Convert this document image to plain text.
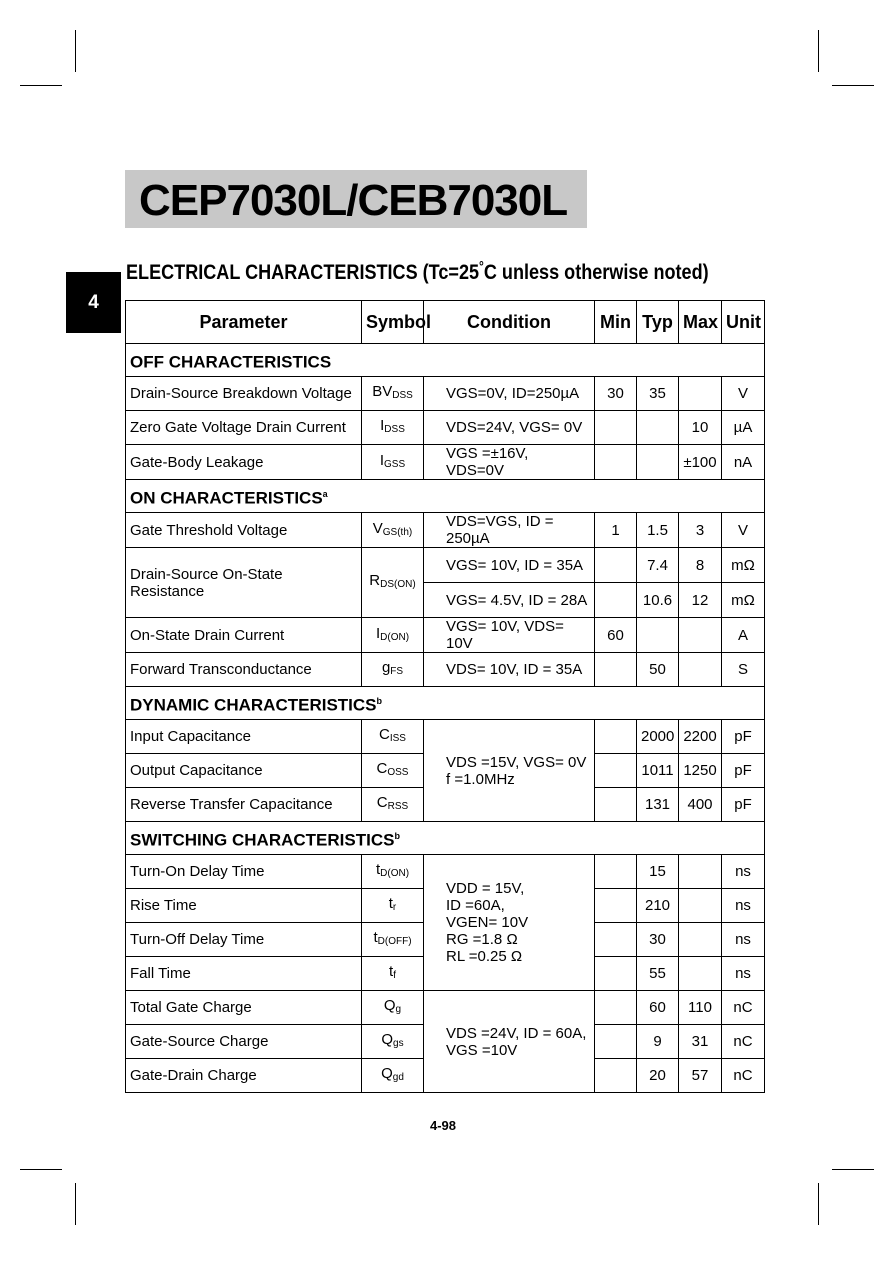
CEP7030L/CEB7030L
4
ELECTRICAL CHARACTERISTICS (Tc=25°C unless otherwise noted)
Parameter	Symbol	Condition	Min	Typ	Max	Unit
OFF CHARACTERISTICS						
Drain-Source Breakdown Voltage	$BV_{DSS}$	VGS=0V, ID=250µA	30	35		V
Zero Gate Voltage Drain Current	$I_{DSS}$	VDS=24V, VGS= 0V			10	µA
Gate-Body Leakage	$I_{GSS}$	VGS =±16V, VDS=0V			±100	nA
ON CHARACTERISTICS$^a$
Gate Threshold Voltage	$V_{GS(th)}$	VDS=VGS, ID = 250µA	1	1.5	3	V
Drain-Source On-State Resistance	$R_{DS(ON)}$	VGS= 10V, ID = 35A		7.4	8	mΩ
		VGS= 4.5V, ID = 28A		10.6	12	mΩ
On-State Drain Current	$I_{D(ON)}$	VGS= 10V, VDS= 10V	60			A
Forward Transconductance	$g_{FS}$	VDS= 10V, ID = 35A		50		S
DYNAMIC CHARACTERISTICS$^b$
Input Capacitance	$C_{ISS}$	VDS =15V, VGS= 0V
f =1.0MHz		2000	2200	pF
Output Capacitance	$C_{OSS}$			1011	1250	pF
Reverse Transfer Capacitance	$C_{RSS}$			131	400	pF
SWITCHING CHARACTERISTICS$^b$
Turn-On Delay Time	$t_{D(ON)}$	VDD = 15V,
ID =60A,
VGEN= 10V
RG =1.8 Ω
RL =0.25 Ω		15		ns
Rise Time	$t_r$			210		ns
Turn-Off Delay Time	$t_{D(OFF)}$			30		ns
Fall Time	$t_f$			55		ns
Total Gate Charge	$Q_g$	VDS =24V, ID = 60A,
VGS =10V		60	110	nC
Gate-Source Charge	$Q_{gs}$			9	31	nC
Gate-Drain Charge	$Q_{gd}$			20	57	nC
4-98
